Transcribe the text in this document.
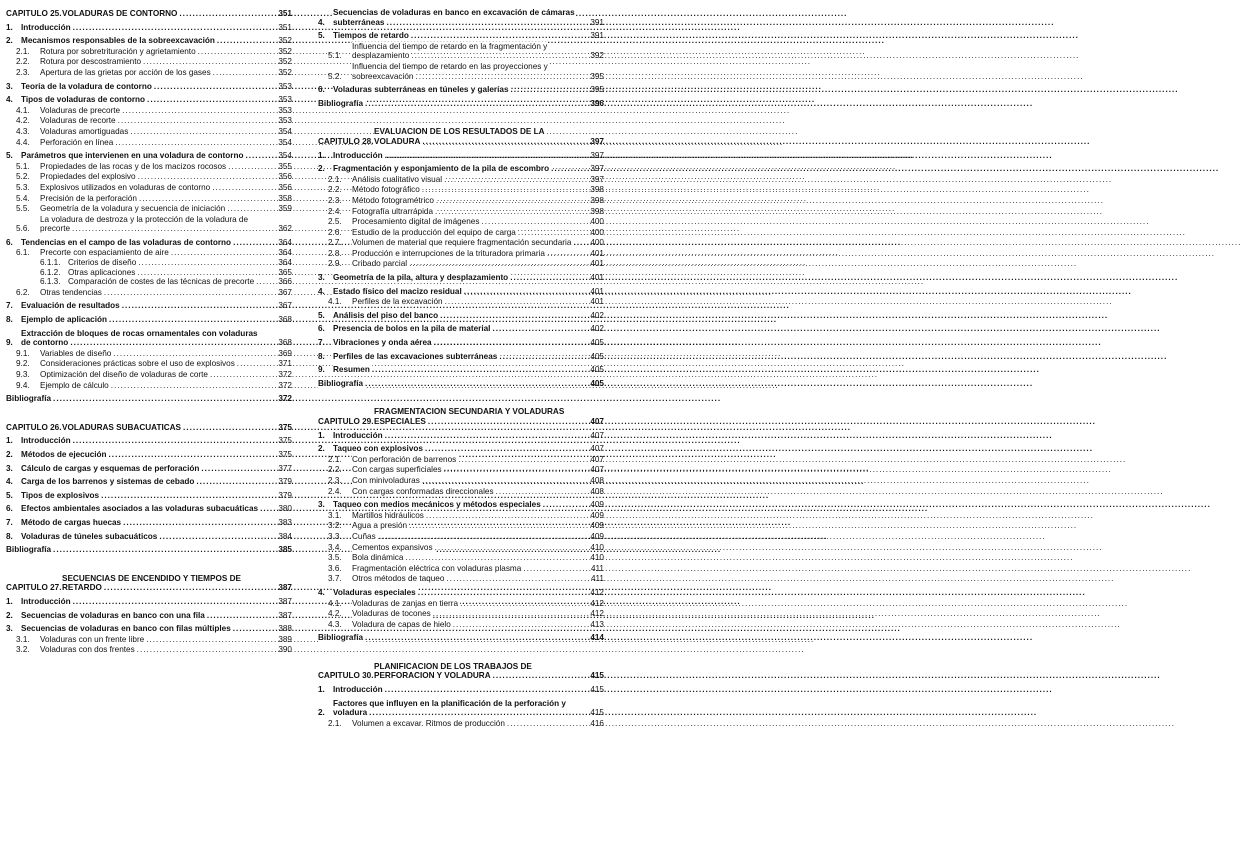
CAPITULO 25. VOLADURAS DE CONTORNO .....	351
1. Introducción .....	351
2. Mecanismos responsables de la sobreexcavación .....	352
2.1.	Rotura por sobretrituración y agrietamiento .....	352
2.2.	Rotura por descostramiento .....	352
2.3.	Apertura de las grietas por acción de los gases .....	352
3. Teoría de la voladura de contorno .....	353
4. Tipos de voladuras de contorno .....	353
4.1.	Voladuras de precorte .....	353
4.2.	Voladuras de recorte .....	353
4.3.	Voladuras amortiguadas .....	354
4.4.	Perforación en línea .....	354
5. Parámetros que intervienen en una voladura de contorno .....	354
5.1.	Propiedades de las rocas y de los macizos rocosos .....	355
5.2.	Propiedades del explosivo .....	356
5.3.	Explosivos utilizados en voladuras de contorno .....	356
5.4.	Precisión de la perforación .....	358
5.5.	Geometría de la voladura y secuencia de iniciación .....	359
5.6.
La voladura de destroza y la protección de la voladura de precorte .....	362
6. Tendencias en el campo de las voladuras de contorno .....	364
6.1.	Precorte con espaciamiento de aire .....	364
6.1.1. Criterios de diseño .....	364
6.1.2. Otras aplicaciones .....	365
6.1.3. Comparación de costes de las técnicas de precorte .....	366
6.2.	Otras tendencias .....	367
7. Evaluación de resultados .....	367
8. Ejemplo de aplicación .....	368
9.
Extracción de bloques de rocas ornamentales con voladuras de contorno .....	368
9.1.	Variables de diseño .....	369
9.2.	Consideraciones prácticas sobre el uso de explosivos .....	371
9.3.	Optimización del diseño de voladuras de corte .....	372
9.4.	Ejemplo de cálculo .....	372
Bibliografía .....	372
CAPITULO 26. VOLADURAS SUBACUATICAS .....	375
1. Introducción .....	375
2. Métodos de ejecución .....	375
3. Cálculo de cargas y esquemas de perforación .....	377
4. Carga de los barrenos y sistemas de cebado .....	379
5. Tipos de explosivos .....	379
6. Efectos ambientales asociados a las voladuras subacuáticas .....	380
7. Método de cargas huecas .....	383
8. Voladuras de túneles subacuáticos .....	384
Bibliografía .....	385
CAPITULO 27.
SECUENCIAS DE ENCENDIDO Y TIEMPOS DE RETARDO .....	387
1. Introducción .....	387
2. Secuencias de voladuras en banco con una fila .....	387
3. Secuencias de voladuras en banco con filas múltiples .....	388
3.1.	Voladuras con un frente libre .....	389
3.2.	Voladuras con dos frentes .....	390
4.
Secuencias de voladuras en banco en excavación de cámaras subterráneas .....	391
5. Tiempos de retardo .....	391
5.1.
Influencia del tiempo de retardo en la fragmentación y desplazamiento .....	392
5.2.
Influencia del tiempo de retardo en las proyecciones y sobreexcavación .....	395
6. Voladuras subterráneas en túneles y galerías .....	395
Bibliografía .....	396
CAPITULO 28.
EVALUACION DE LOS RESULTADOS DE LA VOLADURA .....	397
1. Introducción .....	397
2. Fragmentación y esponjamiento de la pila de escombro .....	397
2.1.	Análisis cualitativo visual .....	397
2.2.	Método fotográfico .....	398
2.3.	Método fotogramétrico .....	398
2.4.	Fotografía ultrarrápida .....	398
2.5.	Procesamiento digital de imágenes .....	400
2.6.	Estudio de la producción del equipo de carga .....	400
2.7.	Volumen de material que requiere fragmentación secundaria .....	400
2.8.	Producción e interrupciones de la trituradora primaria .....	401
2.9.	Cribado parcial .....	401
3. Geometría de la pila, altura y desplazamiento .....	401
4. Estado físico del macizo residual .....	401
4.1.	Perfiles de la excavación .....	401
5. Análisis del piso del banco .....	402
6. Presencia de bolos en la pila de material .....	402
7. Vibraciones y onda aérea .....	405
8. Perfiles de las excavaciones subterráneas .....	405
9. Resumen .....	405
Bibliografía .....	405
CAPITULO 29.
FRAGMENTACION SECUNDARIA Y VOLADURAS ESPECIALES .....	407
1. Introducción .....	407
2. Taqueo con explosivos .....	407
2.1.	Con perforación de barrenos .....	407
2.2.	Con cargas superficiales .....	407
2.3.	Con minivoladuras .....	408
2.4.	Con cargas conformadas direccionales .....	408
3. Taqueo con medios mecánicos y métodos especiales .....	409
3.1.	Martillos hidráulicos .....	409
3.2.	Agua a presión .....	409
3.3.	Cuñas .....	409
3.4.	Cementos expansivos .....	410
3.5.	Bola dinámica .....	410
3.6.	Fragmentación eléctrica con voladuras plasma .....	411
3.7.	Otros métodos de taqueo .....	411
4. Voladuras especiales .....	412
4.1.	Voladuras de zanjas en tierra .....	412
4.2.	Voladuras de tocones .....	412
4.3.	Voladura de capas de hielo .....	413
Bibliografía .....	414
CAPITULO 30.
PLANIFICACION DE LOS TRABAJOS DE PERFORACION Y VOLADURA .....	415
1. Introducción .....	415
2.
Factores que influyen en la planificación de la perforación y voladura .....	415
2.1.	Volumen a excavar. Ritmos de producción .....	416
